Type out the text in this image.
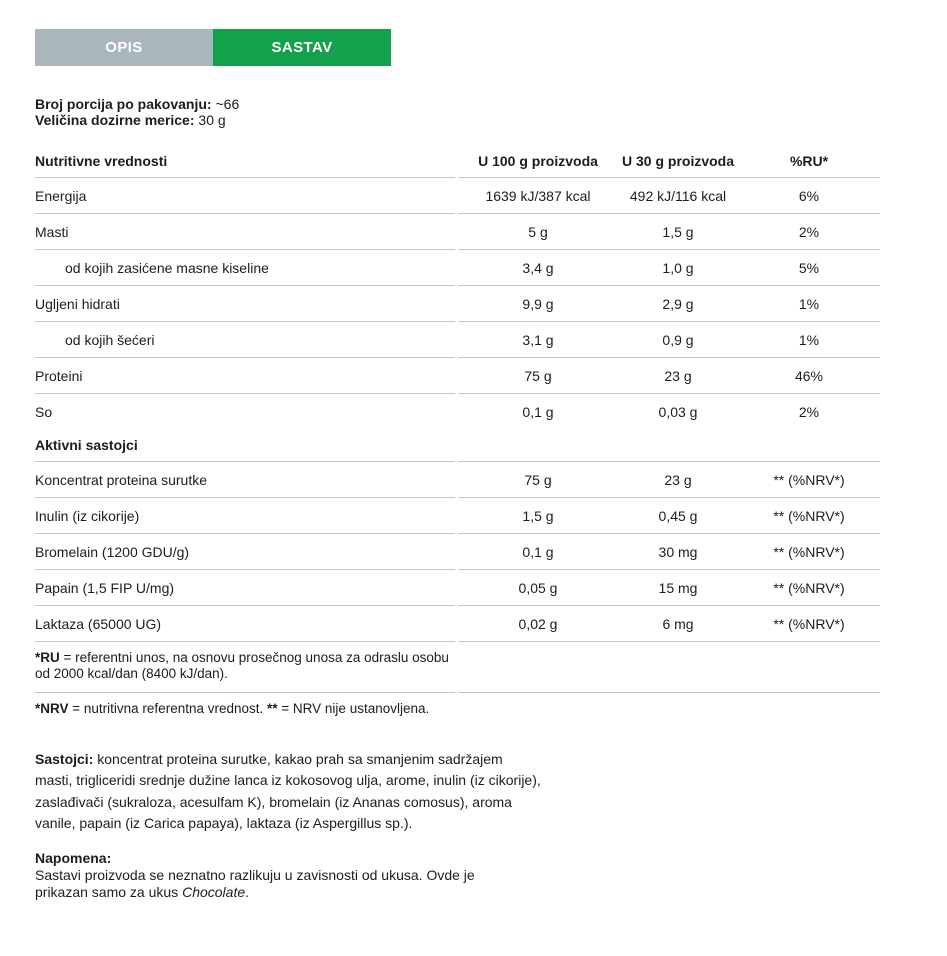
OPIS	SASTAV
Broj porcija po pakovanju: ~66
Veličina dozirne merice: 30 g
Nutritivne vrednosti	U 100 g proizvoda	U 30 g proizvoda	%RU*
Energija	1639 kJ/387 kcal	492 kJ/116 kcal	6%
Masti	5 g	1,5 g	2%
od kojih zasićene masne kiseline	3,4 g	1,0 g	5%
Ugljeni hidrati	9,9 g	2,9 g	1%
od kojih šećeri	3,1 g	0,9 g	1%
Proteini	75 g	23 g	46%
So	0,1 g	0,03 g	2%
Aktivni sastojci
Koncentrat proteina surutke	75 g	23 g	** (%NRV*)
Inulin (iz cikorije)	1,5 g	0,45 g	** (%NRV*)
Bromelain (1200 GDU/g)	0,1 g	30 mg	** (%NRV*)
Papain (1,5 FIP U/mg)	0,05 g	15 mg	** (%NRV*)
Laktaza (65000 UG)	0,02 g	6 mg	** (%NRV*)
*RU = referentni unos, na osnovu prosečnog unosa za odraslu osobu od 2000 kcal/dan (8400 kJ/dan).
*NRV = nutritivna referentna vrednost. ** = NRV nije ustanovljena.

Sastojci: koncentrat proteina surutke, kakao prah sa smanjenim sadržajem masti, trigliceridi srednje dužine lanca iz kokosovog ulja, arome, inulin (iz cikorije), zaslađivači (sukraloza, acesulfam K), bromelain (iz Ananas comosus), aroma vanile, papain (iz Carica papaya), laktaza (iz Aspergillus sp.).

Napomena:
Sastavi proizvoda se neznatno razlikuju u zavisnosti od ukusa. Ovde je prikazan samo za ukus Chocolate.
